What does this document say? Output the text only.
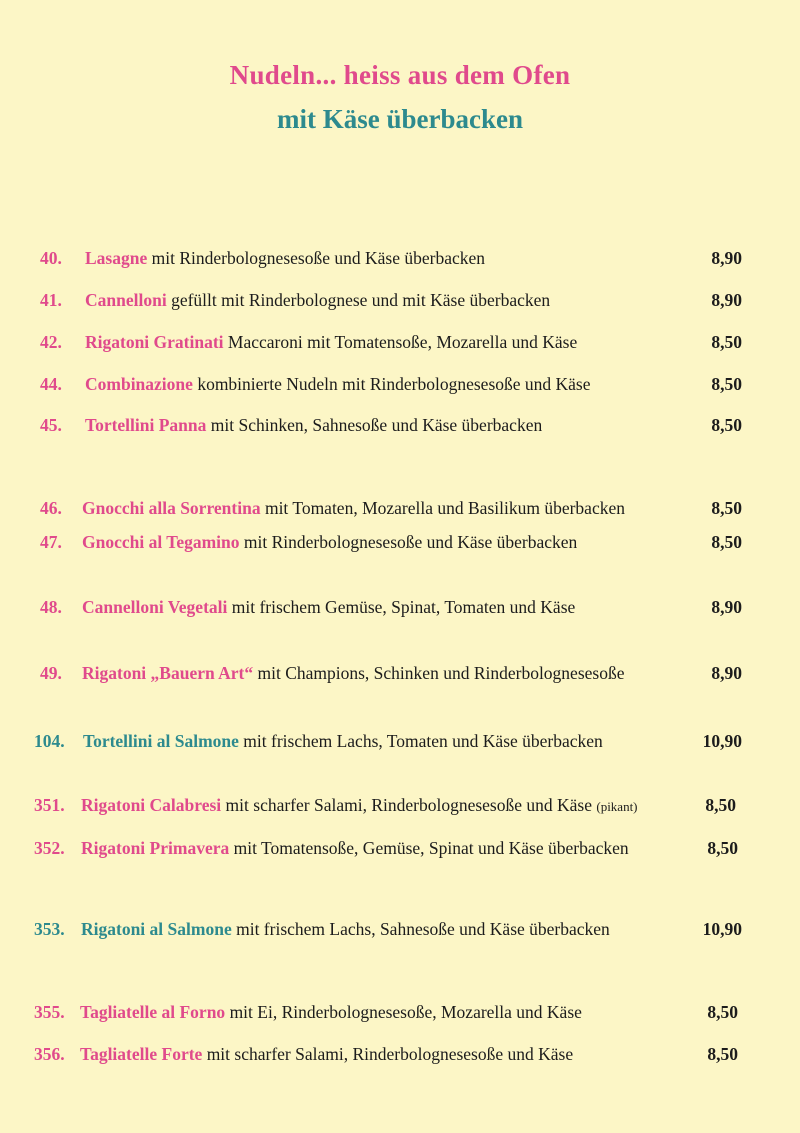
Nudeln... heiss aus dem Ofen
mit Käse überbacken
40.	Lasagne mit Rinderbolognesesoße und Käse überbacken	8,90
41.	Cannelloni gefüllt mit Rinderbolognese und mit Käse überbacken	8,90
42.	Rigatoni Gratinati Maccaroni mit Tomatensoße, Mozarella und Käse	8,50
44.	Combinazione kombinierte Nudeln mit Rinderbolognesesoße und Käse	8,50
45.	Tortellini Panna mit Schinken, Sahnesoße und Käse überbacken	8,50
46.	Gnocchi alla Sorrentina mit Tomaten, Mozarella und Basilikum überbacken	8,50
47.	Gnocchi al Tegamino mit Rinderbolognesesoße und Käse überbacken	8,50
48.	Cannelloni Vegetali mit frischem Gemüse, Spinat, Tomaten und Käse	8,90
49.	Rigatoni „Bauern Art“ mit Champions, Schinken und Rinderbolognesesoße	8,90
104. Tortellini al Salmone mit frischem Lachs, Tomaten und Käse überbacken	10,90
351. Rigatoni Calabresi mit scharfer Salami, Rinderbolognesesoße und Käse (pikant)	8,50
352. Rigatoni Primavera mit Tomatensoße, Gemüse, Spinat und Käse überbacken	8,50
353. Rigatoni al Salmone mit frischem Lachs, Sahnesoße und Käse überbacken	10,90
355. Tagliatelle al Forno mit Ei, Rinderbolognesesoße, Mozarella und Käse	8,50
356. Tagliatelle Forte mit scharfer Salami, Rinderbolognesesoße und Käse	8,50
